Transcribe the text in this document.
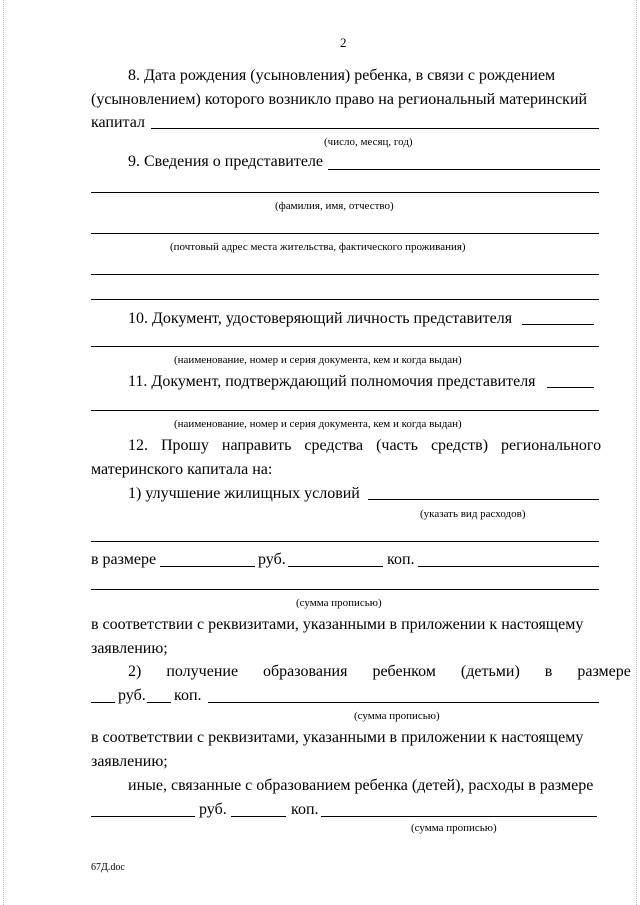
2
8. Дата рождения (усыновления) ребенка, в связи с рождением
(усыновлением) которого возникло право на региональный материнский
капитал
(число, месяц, год)
9. Сведения о представителе
(фамилия, имя, отчество)
(почтовый адрес места жительства, фактического проживания)
10. Документ, удостоверяющий личность представителя
(наименование, номер и серия документа, кем и когда выдан)
11. Документ, подтверждающий полномочия представителя
(наименование, номер и серия документа, кем и когда выдан)
12. Прошу направить средства (часть средств) регионального
материнского капитала на:
1) улучшение жилищных условий
(указать вид расходов)
в размере	руб.	коп.
(сумма прописью)
в соответствии с реквизитами, указанными в приложении к настоящему
заявлению;
2) получение образования ребенком (детьми) в размере
руб. коп.
(сумма прописью)
в соответствии с реквизитами, указанными в приложении к настоящему
заявлению;
иные, связанные с образованием ребенка (детей), расходы в размере
руб.	коп.
(сумма прописью)
67Д.doc
